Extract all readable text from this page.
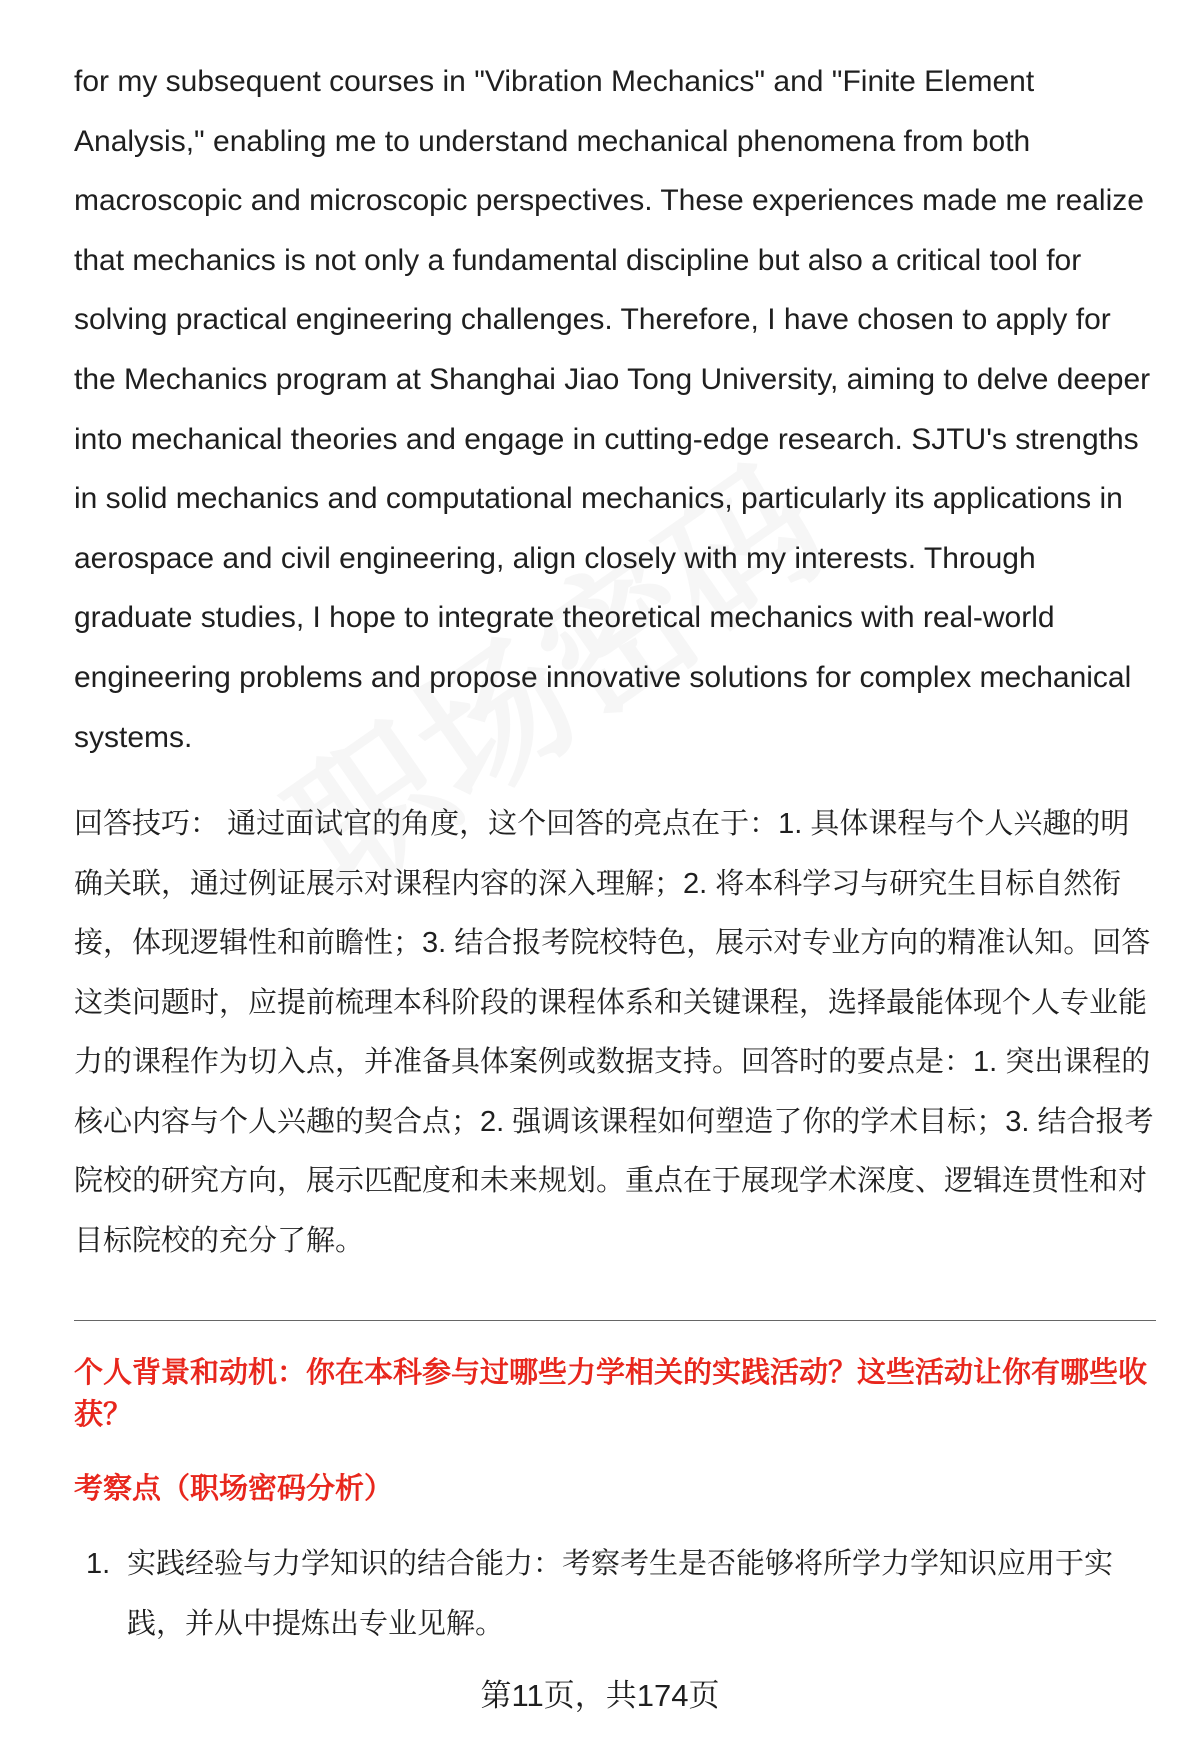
for my subsequent courses in "Vibration Mechanics" and "Finite Element Analysis," enabling me to understand mechanical phenomena from both macroscopic and microscopic perspectives. These experiences made me realize that mechanics is not only a fundamental discipline but also a critical tool for solving practical engineering challenges. Therefore, I have chosen to apply for the Mechanics program at Shanghai Jiao Tong University, aiming to delve deeper into mechanical theories and engage in cutting-edge research. SJTU's strengths in solid mechanics and computational mechanics, particularly its applications in aerospace and civil engineering, align closely with my interests. Through graduate studies, I hope to integrate theoretical mechanics with real-world engineering problems and propose innovative solutions for complex mechanical systems.

回答技巧： 通过面试官的角度，这个回答的亮点在于：1. 具体课程与个人兴趣的明确关联，通过例证展示对课程内容的深入理解；2. 将本科学习与研究生目标自然衔接，体现逻辑性和前瞻性；3. 结合报考院校特色，展示对专业方向的精准认知。回答这类问题时，应提前梳理本科阶段的课程体系和关键课程，选择最能体现个人专业能力的课程作为切入点，并准备具体案例或数据支持。回答时的要点是：1. 突出课程的核心内容与个人兴趣的契合点；2. 强调该课程如何塑造了你的学术目标；3. 结合报考院校的研究方向，展示匹配度和未来规划。重点在于展现学术深度、逻辑连贯性和对目标院校的充分了解。

个人背景和动机：你在本科参与过哪些力学相关的实践活动？这些活动让你有哪些收获？

考察点（职场密码分析）

1. 实践经验与力学知识的结合能力：考察考生是否能够将所学力学知识应用于实践，并从中提炼出专业见解。
第11页，共174页
